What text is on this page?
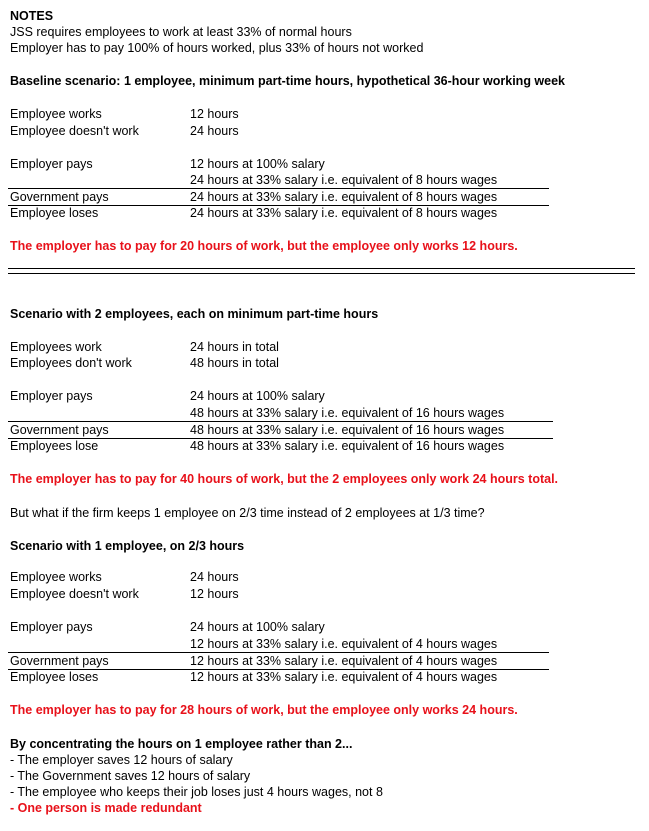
NOTES
JSS requires employees to work at least 33% of normal hours
Employer has to pay 100% of hours worked, plus 33% of hours not worked
Baseline scenario: 1 employee, minimum part-time hours, hypothetical 36-hour working week
Employee works	12 hours
Employee doesn't work	24 hours
Employer pays	12 hours at 100% salary
24 hours at 33% salary i.e. equivalent of 8 hours wages
Government pays	24 hours at 33% salary i.e. equivalent of 8 hours wages
Employee loses	24 hours at 33% salary i.e. equivalent of 8 hours wages
The employer has to pay for 20 hours of work, but the employee only works 12 hours.
Scenario with 2 employees, each on minimum part-time hours
Employees work	24 hours in total
Employees don't work	48 hours in total
Employer pays	24 hours at 100% salary
48 hours at 33% salary i.e. equivalent of 16 hours wages
Government pays	48 hours at 33% salary i.e. equivalent of 16 hours wages
Employees lose	48 hours at 33% salary i.e. equivalent of 16 hours wages
The employer has to pay for 40 hours of work, but the 2 employees only work 24 hours total.
But what if the firm keeps 1 employee on 2/3 time instead of 2 employees at 1/3 time?
Scenario with 1 employee, on 2/3 hours
Employee works	24 hours
Employee doesn't work	12 hours
Employer pays	24 hours at 100% salary
12 hours at 33% salary i.e. equivalent of 4 hours wages
Government pays	12 hours at 33% salary i.e. equivalent of 4 hours wages
Employee loses	12 hours at 33% salary i.e. equivalent of 4 hours wages
The employer has to pay for 28 hours of work, but the employee only works 24 hours.
By concentrating the hours on 1 employee rather than 2...
- The employer saves 12 hours of salary
- The Government saves 12 hours of salary
- The employee who keeps their job loses just 4 hours wages, not 8
- One person is made redundant
